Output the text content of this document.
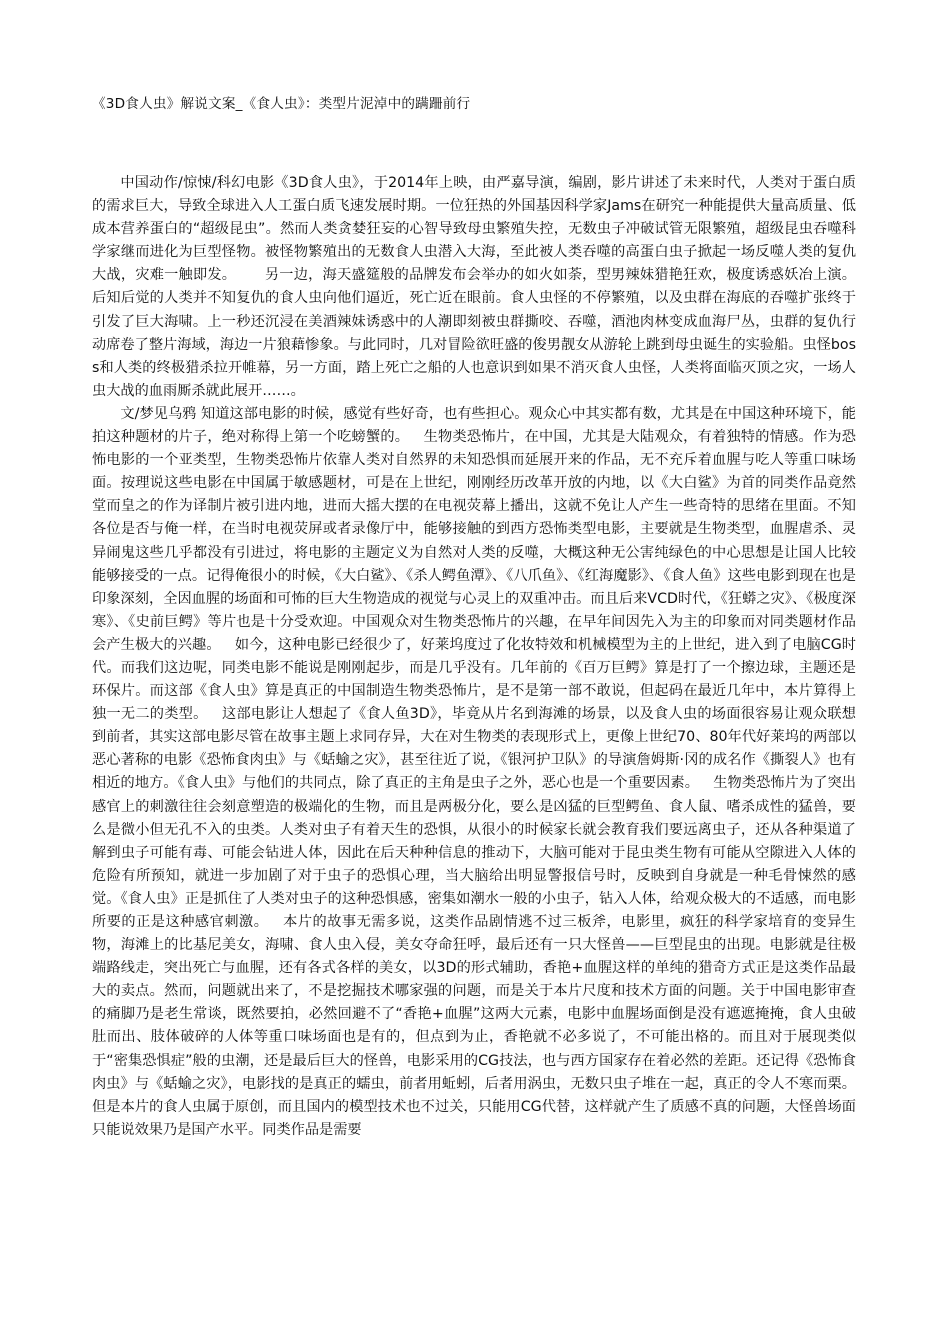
《3D食人虫》解说文案_《食人虫》：类型片泥淖中的蹒跚前行
中国动作/惊悚/科幻电影《3D食人虫》，于2014年上映，由严嘉导演，编剧，影片讲述了未来时代，人类对于蛋白质的需求巨大，导致全球进入人工蛋白质飞速发展时期。一位狂热的外国基因科学家Jams在研究一种能提供大量高质量、低成本营养蛋白的“超级昆虫”。然而人类贪婪狂妄的心智导致母虫繁殖失控，无数虫子冲破试管无限繁殖，超级昆虫吞噬科学家继而进化为巨型怪物。被怪物繁殖出的无数食人虫潜入大海，至此被人类吞噬的高蛋白虫子掀起一场反噬人类的复仇大战，灾难一触即发。   另一边，海天盛筵般的品牌发布会举办的如火如荼，型男辣妹猎艳狂欢，极度诱惑妖冶上演。后知后觉的人类并不知复仇的食人虫向他们逼近，死亡近在眼前。食人虫怪的不停繁殖，以及虫群在海底的吞噬扩张终于引发了巨大海啸。上一秒还沉浸在美酒辣妹诱惑中的人潮即刻被虫群撕咬、吞噬，酒池肉林变成血海尸丛，虫群的复仇行动席卷了整片海域，海边一片狼藉惨象。与此同时，几对冒险欲旺盛的俊男靓女从游轮上跳到母虫诞生的实验船。虫怪boss和人类的终极猎杀拉开帷幕，另一方面，踏上死亡之船的人也意识到如果不消灭食人虫怪，人类将面临灭顶之灾，一场人虫大战的血雨厮杀就此展开……。
文/梦见乌鸦 知道这部电影的时候，感觉有些好奇，也有些担心。观众心中其实都有数，尤其是在中国这种环境下，能拍这种题材的片子，绝对称得上第一个吃螃蟹的。  生物类恐怖片，在中国，尤其是大陆观众，有着独特的情感。作为恐怖电影的一个亚类型，生物类恐怖片依靠人类对自然界的未知恐惧而延展开来的作品，无不充斥着血腥与吃人等重口味场面。按理说这些电影在中国属于敏感题材，可是在上世纪，刚刚经历改革开放的内地，以《大白鲨》为首的同类作品竟然堂而皇之的作为译制片被引进内地，进而大摇大摆的在电视荧幕上播出，这就不免让人产生一些奇特的思绪在里面。不知各位是否与俺一样，在当时电视荧屏或者录像厅中，能够接触的到西方恐怖类型电影，主要就是生物类型，血腥虐杀、灵异闹鬼这些几乎都没有引进过，将电影的主题定义为自然对人类的反噬，大概这种无公害纯绿色的中心思想是让国人比较能够接受的一点。记得俺很小的时候，《大白鲨》、《杀人鳄鱼潭》、《八爪鱼》、《红海魔影》、《食人鱼》这些电影到现在也是印象深刻，全因血腥的场面和可怖的巨大生物造成的视觉与心灵上的双重冲击。而且后来VCD时代，《狂蟒之灾》、《极度深寒》、《史前巨鳄》等片也是十分受欢迎。中国观众对生物类恐怖片的兴趣，在早年间因先入为主的印象而对同类题材作品会产生极大的兴趣。  如今，这种电影已经很少了，好莱坞度过了化妆特效和机械模型为主的上世纪，进入到了电脑CG时代。而我们这边呢，同类电影不能说是刚刚起步，而是几乎没有。几年前的《百万巨鳄》算是打了一个擦边球，主题还是环保片。而这部《食人虫》算是真正的中国制造生物类恐怖片，是不是第一部不敢说，但起码在最近几年中，本片算得上独一无二的类型。  这部电影让人想起了《食人鱼3D》，毕竟从片名到海滩的场景，以及食人虫的场面很容易让观众联想到前者，其实这部电影尽管在故事主题上求同存异，大在对生物类的表现形式上，更像上世纪70、80年代好莱坞的两部以恶心著称的电影《恐怖食肉虫》与《蛞蝓之灾》，甚至往近了说，《银河护卫队》的导演詹姆斯·冈的成名作《撕裂人》也有相近的地方。《食人虫》与他们的共同点，除了真正的主角是虫子之外，恶心也是一个重要因素。  生物类恐怖片为了突出感官上的刺激往往会刻意塑造的极端化的生物，而且是两极分化，要么是凶猛的巨型鳄鱼、食人鼠、嗜杀成性的猛兽，要么是微小但无孔不入的虫类。人类对虫子有着天生的恐惧，从很小的时候家长就会教育我们要远离虫子，还从各种渠道了解到虫子可能有毒、可能会钻进人体，因此在后天种种信息的推动下，大脑可能对于昆虫类生物有可能从空隙进入人体的危险有所预知，就进一步加剧了对于虫子的恐惧心理，当大脑给出明显警报信号时，反映到自身就是一种毛骨悚然的感觉。《食人虫》正是抓住了人类对虫子的这种恐惧感，密集如潮水一般的小虫子，钻入人体，给观众极大的不适感，而电影所要的正是这种感官刺激。  本片的故事无需多说，这类作品剧情逃不过三板斧，电影里，疯狂的科学家培育的变异生物，海滩上的比基尼美女，海啸、食人虫入侵，美女夺命狂呼，最后还有一只大怪兽——巨型昆虫的出现。电影就是往极端路线走，突出死亡与血腥，还有各式各样的美女，以3D的形式辅助，香艳+血腥这样的单纯的猎奇方式正是这类作品最大的卖点。然而，问题就出来了，不是挖掘技术哪家强的问题，而是关于本片尺度和技术方面的问题。关于中国电影审查的痛脚乃是老生常谈，既然要拍，必然回避不了“香艳+血腥”这两大元素，电影中血腥场面倒是没有遮遮掩掩，食人虫破肚而出、肢体破碎的人体等重口味场面也是有的，但点到为止，香艳就不必多说了，不可能出格的。而且对于展现类似于“密集恐惧症”般的虫潮，还是最后巨大的怪兽，电影采用的CG技法，也与西方国家存在着必然的差距。还记得《恐怖食肉虫》与《蛞蝓之灾》，电影找的是真正的蠕虫，前者用蚯蚓，后者用涡虫，无数只虫子堆在一起，真正的令人不寒而栗。但是本片的食人虫属于原创，而且国内的模型技术也不过关，只能用CG代替，这样就产生了质感不真的问题，大怪兽场面只能说效果乃是国产水平。同类作品是需要
